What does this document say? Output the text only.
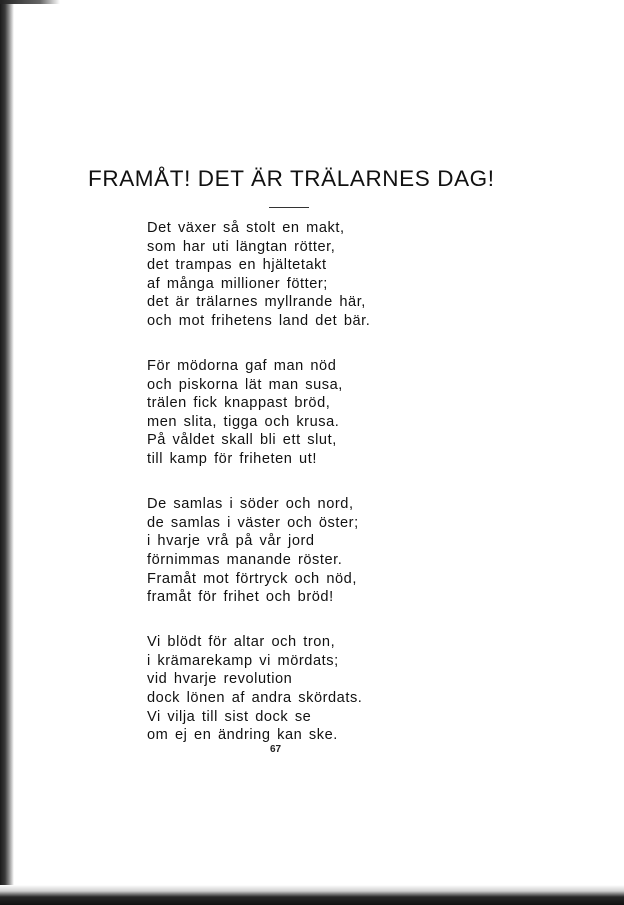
FRAMÅT! DET ÄR TRÄLARNES DAG!
Det växer så stolt en makt,
som har uti längtan rötter,
det trampas en hjältetakt
af många millioner fötter;
det är trälarnes myllrande här,
och mot frihetens land det bär.
För mödorna gaf man nöd
och piskorna lät man susa,
trälen fick knappast bröd,
men slita, tigga och krusa.
På våldet skall bli ett slut,
till kamp för friheten ut!
De samlas i söder och nord,
de samlas i väster och öster;
i hvarje vrå på vår jord
förnimmas manande röster.
Framåt mot förtryck och nöd,
framåt för frihet och bröd!
Vi blödt för altar och tron,
i krämarekamp vi mördats;
vid hvarje revolution
dock lönen af andra skördats.
Vi vilja till sist dock se
om ej en ändring kan ske.
67
